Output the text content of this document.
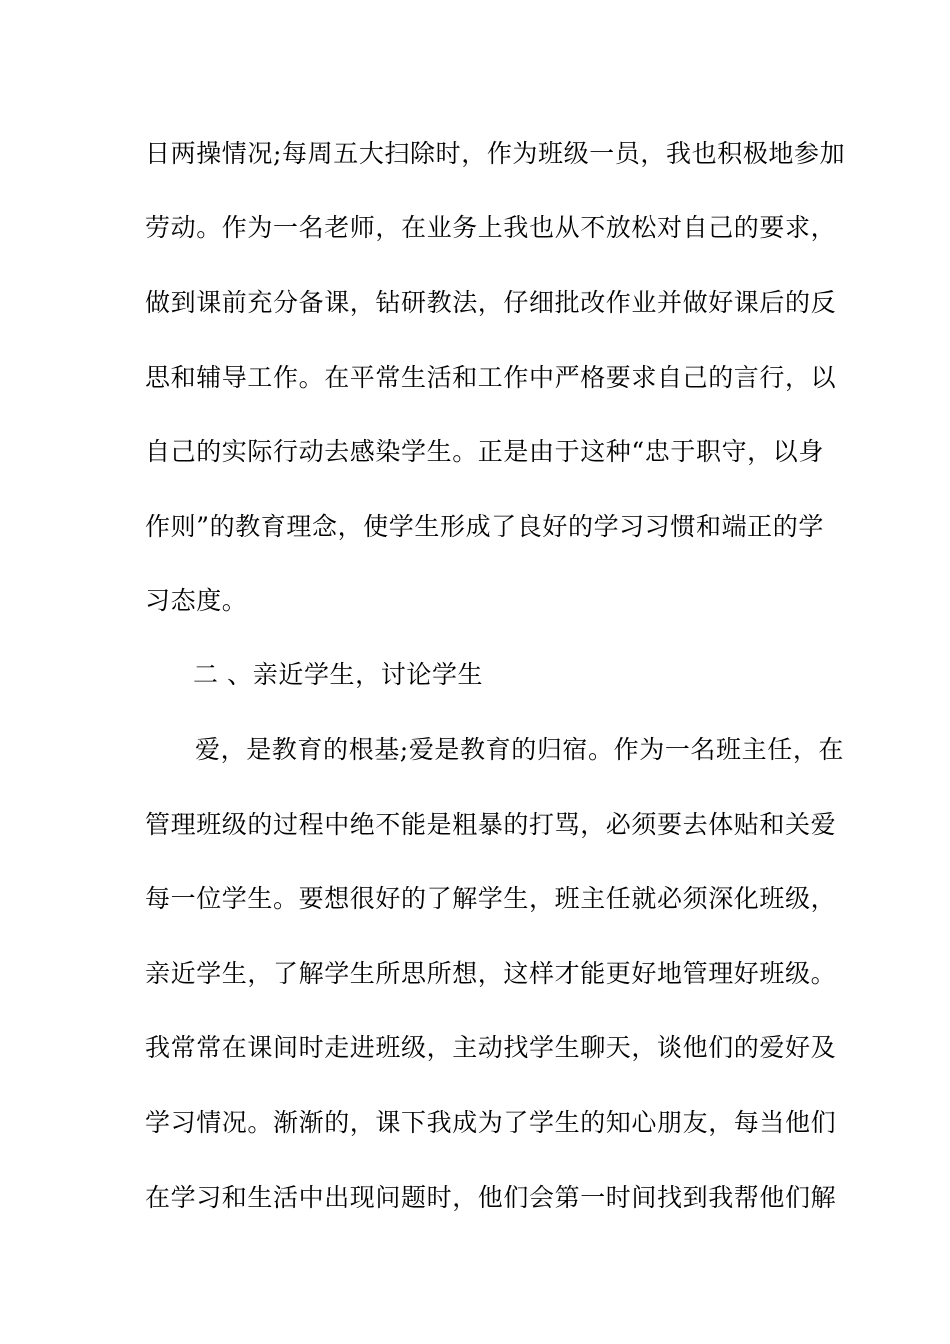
日两操情况;每周五大扫除时，作为班级一员，我也积极地参加
劳动。作为一名老师，在业务上我也从不放松对自己的要求，
做到课前充分备课，钻研教法，仔细批改作业并做好课后的反
思和辅导工作。在平常生活和工作中严格要求自己的言行，以
自己的实际行动去感染学生。正是由于这种“忠于职守，以身
作则”的教育理念，使学生形成了良好的学习习惯和端正的学
习态度。
二 、亲近学生，讨论学生
爱，是教育的根基;爱是教育的归宿。作为一名班主任，在
管理班级的过程中绝不能是粗暴的打骂，必须要去体贴和关爱
每一位学生。要想很好的了解学生，班主任就必须深化班级，
亲近学生，了解学生所思所想，这样才能更好地管理好班级。
我常常在课间时走进班级，主动找学生聊天，谈他们的爱好及
学习情况。渐渐的，课下我成为了学生的知心朋友，每当他们
在学习和生活中出现问题时，他们会第一时间找到我帮他们解
